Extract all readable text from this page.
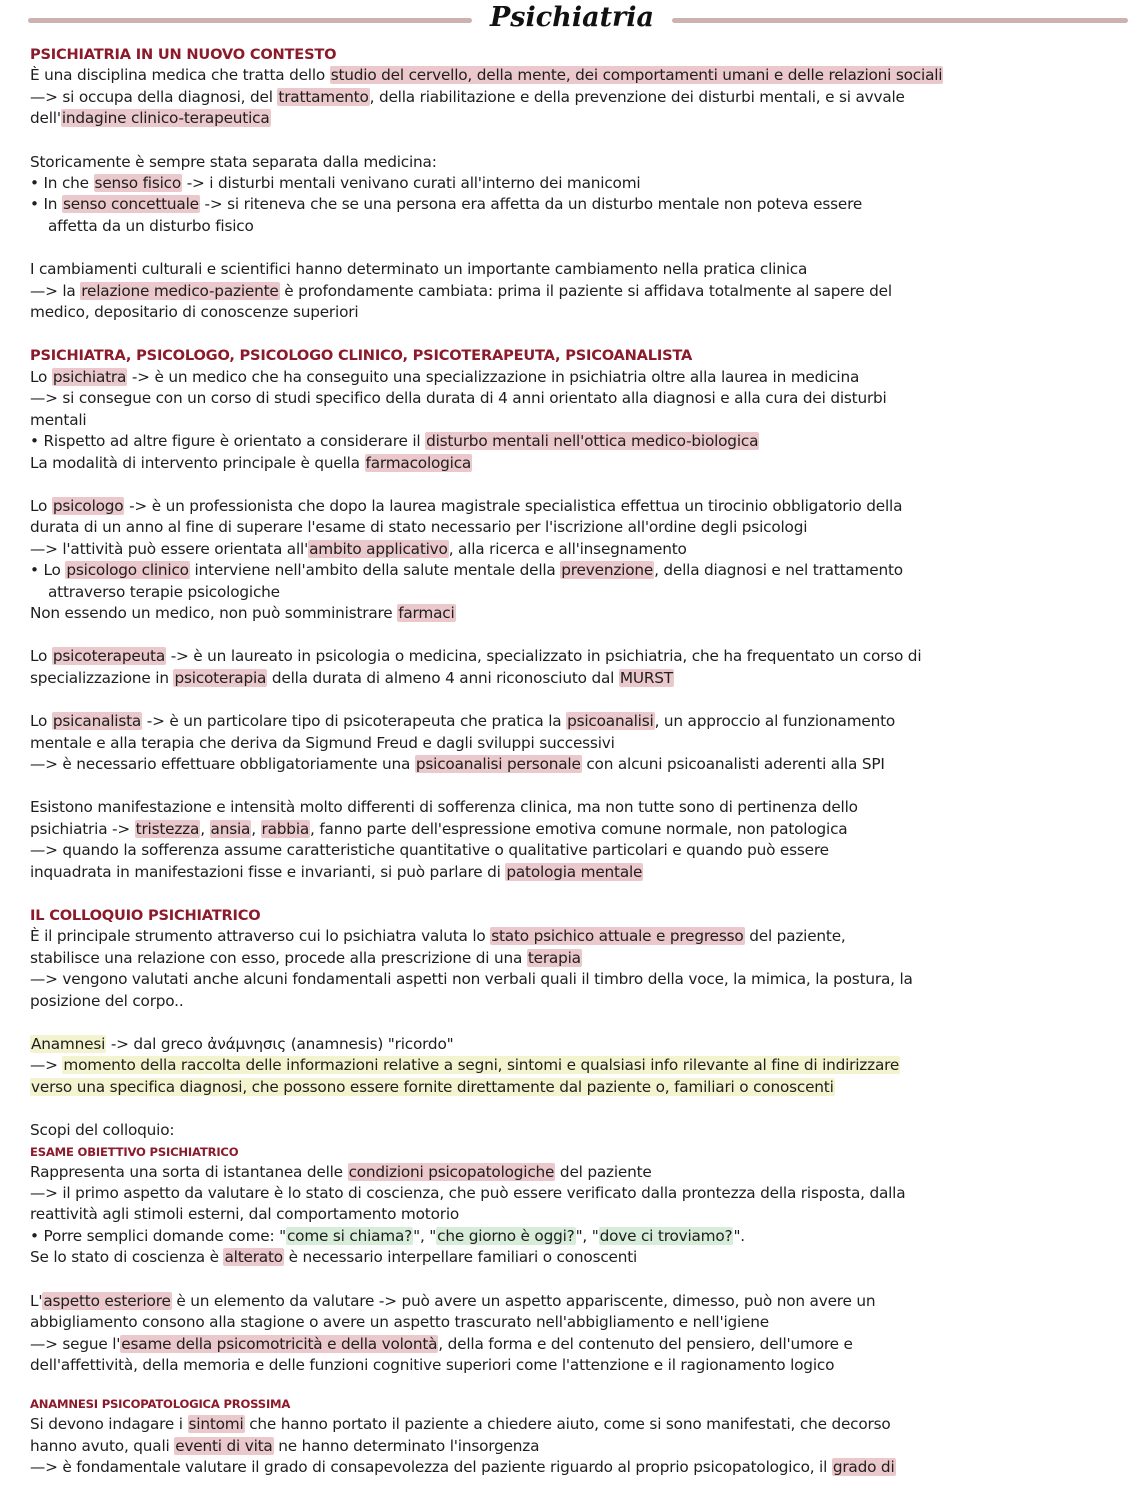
Psichiatria

PSICHIATRIA IN UN NUOVO CONTESTO

È una disciplina medica che tratta dello studio del cervello, della mente, dei comportamenti umani e delle relazioni sociali

—> si occupa della diagnosi, del trattamento, della riabilitazione e della prevenzione dei disturbi mentali, e si avvale

dell'indagine clinico-terapeutica

Storicamente è sempre stata separata dalla medicina:

• In che senso fisico -> i disturbi mentali venivano curati all'interno dei manicomi

• In senso concettuale -> si riteneva che se una persona era affetta da un disturbo mentale non poteva essere

affetta da un disturbo fisico

I cambiamenti culturali e scientifici hanno determinato un importante cambiamento nella pratica clinica

—> la relazione medico-paziente è profondamente cambiata: prima il paziente si affidava totalmente al sapere del

medico, depositario di conoscenze superiori

PSICHIATRA, PSICOLOGO, PSICOLOGO CLINICO, PSICOTERAPEUTA, PSICOANALISTA

Lo psichiatra -> è un medico che ha conseguito una specializzazione in psichiatria oltre alla laurea in medicina

—> si consegue con un corso di studi specifico della durata di 4 anni orientato alla diagnosi e alla cura dei disturbi

mentali

• Rispetto ad altre figure è orientato a considerare il disturbo mentali nell'ottica medico-biologica

La modalità di intervento principale è quella farmacologica

Lo psicologo -> è un professionista che dopo la laurea magistrale specialistica effettua un tirocinio obbligatorio della

durata di un anno al fine di superare l'esame di stato necessario per l'iscrizione all'ordine degli psicologi

—> l'attività può essere orientata all'ambito applicativo, alla ricerca e all'insegnamento

• Lo psicologo clinico interviene nell'ambito della salute mentale della prevenzione, della diagnosi e nel trattamento

attraverso terapie psicologiche

Non essendo un medico, non può somministrare farmaci

Lo psicoterapeuta -> è un laureato in psicologia o medicina, specializzato in psichiatria, che ha frequentato un corso di

specializzazione in psicoterapia della durata di almeno 4 anni riconosciuto dal MURST

Lo psicanalista -> è un particolare tipo di psicoterapeuta che pratica la psicoanalisi, un approccio al funzionamento

mentale e alla terapia che deriva da Sigmund Freud e dagli sviluppi successivi

—> è necessario effettuare obbligatoriamente una psicoanalisi personale con alcuni psicoanalisti aderenti alla SPI

Esistono manifestazione e intensità molto differenti di sofferenza clinica, ma non tutte sono di pertinenza dello

psichiatria -> tristezza, ansia, rabbia, fanno parte dell'espressione emotiva comune normale, non patologica

—> quando la sofferenza assume caratteristiche quantitative o qualitative particolari e quando può essere

inquadrata in manifestazioni fisse e invarianti, si può parlare di patologia mentale

IL COLLOQUIO PSICHIATRICO

È il principale strumento attraverso cui lo psichiatra valuta lo stato psichico attuale e pregresso del paziente,

stabilisce una relazione con esso, procede alla prescrizione di una terapia

—> vengono valutati anche alcuni fondamentali aspetti non verbali quali il timbro della voce, la mimica, la postura, la

posizione del corpo..

Anamnesi -> dal greco ἀνάμνησις (anamnesis) "ricordo"

—> momento della raccolta delle informazioni relative a segni, sintomi e qualsiasi info rilevante al fine di indirizzare

verso una specifica diagnosi, che possono essere fornite direttamente dal paziente o, familiari o conoscenti

Scopi del colloquio:

ESAME OBIETTIVO PSICHIATRICO

Rappresenta una sorta di istantanea delle condizioni psicopatologiche del paziente

—> il primo aspetto da valutare è lo stato di coscienza, che può essere verificato dalla prontezza della risposta, dalla

reattività agli stimoli esterni, dal comportamento motorio

• Porre semplici domande come: "come si chiama?", "che giorno è oggi?", "dove ci troviamo?".

Se lo stato di coscienza è alterato è necessario interpellare familiari o conoscenti

L'aspetto esteriore è un elemento da valutare -> può avere un aspetto appariscente, dimesso, può non avere un

abbigliamento consono alla stagione o avere un aspetto trascurato nell'abbigliamento e nell'igiene

—> segue l'esame della psicomotricità e della volontà, della forma e del contenuto del pensiero, dell'umore e

dell'affettività, della memoria e delle funzioni cognitive superiori come l'attenzione e il ragionamento logico

ANAMNESI PSICOPATOLOGICA PROSSIMA

Si devono indagare i sintomi che hanno portato il paziente a chiedere aiuto, come si sono manifestati, che decorso

hanno avuto, quali eventi di vita ne hanno determinato l'insorgenza

—> è fondamentale valutare il grado di consapevolezza del paziente riguardo al proprio psicopatologico, il grado di
